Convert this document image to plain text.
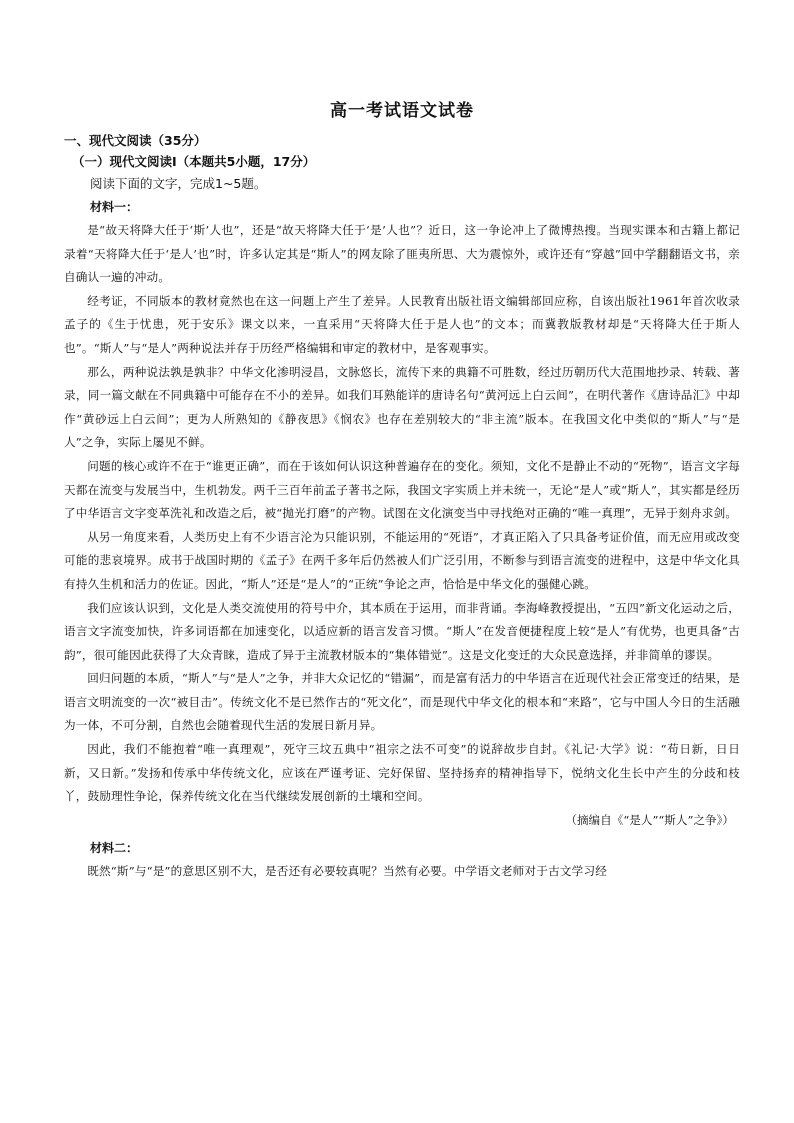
高一考试语文试卷
一、现代文阅读（35分）
（一）现代文阅读Ⅰ（本题共5小题，17分）
阅读下面的文字，完成1~5题。
材料一：

是“故天将降大任于‘斯’人也”，还是“故天将降大任于‘是’人也”？近日，这一争论冲上了微博热搜。当现实课本和古籍上都记录着“天将降大任于‘是人’也”时，许多认定其是“斯人”的网友除了匪夷所思、大为震惊外，或许还有“穿越”回中学翻翻语文书，亲自确认一遍的冲动。

经考证，不同版本的教材竟然也在这一问题上产生了差异。人民教育出版社语文编辑部回应称，自该出版社1961年首次收录孟子的《生于忧患，死于安乐》课文以来，一直采用“天将降大任于是人也”的文本；而冀教版教材却是“天将降大任于斯人也”。“斯人”与“是人”两种说法并存于历经严格编辑和审定的教材中，是客观事实。

那么，两种说法孰是孰非？中华文化渗明浸昌，文脉悠长，流传下来的典籍不可胜数，经过历朝历代大范围地抄录、转载、著录，同一篇文献在不同典籍中可能存在不小的差异。如我们耳熟能详的唐诗名句“黄河远上白云间”，在明代著作《唐诗品汇》中却作“黄砂远上白云间”；更为人所熟知的《静夜思》《悯农》也存在差别较大的“非主流”版本。在我国文化中类似的“斯人”与“是人”之争，实际上屡见不鲜。

问题的核心或许不在于“谁更正确”，而在于该如何认识这种普遍存在的变化。须知，文化不是静止不动的“死物”，语言文字每天都在流变与发展当中，生机勃发。两千三百年前孟子著书之际，我国文字实质上并未统一，无论“是人”或“斯人”，其实都是经历了中华语言文字变革洗礼和改造之后，被“抛光打磨”的产物。试图在文化演变当中寻找绝对正确的“唯一真理”，无异于刻舟求剑。

从另一角度来看，人类历史上有不少语言沦为只能识别，不能运用的“死语”，才真正陷入了只具备考证价值，而无应用或改变可能的悲哀境界。成书于战国时期的《孟子》在两千多年后仍然被人们广泛引用，不断参与到语言流变的进程中，这是中华文化具有持久生机和活力的佐证。因此，“斯人”还是“是人”的“正统”争论之声，恰恰是中华文化的强健心跳。

我们应该认识到，文化是人类交流使用的符号中介，其本质在于运用，而非背诵。李海峰教授提出，“五四”新文化运动之后，语言文字流变加快，许多词语都在加速变化，以适应新的语言发音习惯。“斯人”在发音便捷程度上较“是人”有优势，也更具备“古韵”，很可能因此获得了大众青睐，造成了异于主流教材版本的“集体错觉”。这是文化变迁的大众民意选择，并非简单的谬误。

回归问题的本质，“斯人”与“是人”之争，并非大众记忆的“错漏”，而是富有活力的中华语言在近现代社会正常变迁的结果，是语言文明流变的一次“被目击”。传统文化不是已然作古的“死文化”，而是现代中华文化的根本和“来路”，它与中国人今日的生活融为一体，不可分割，自然也会随着现代生活的发展日新月异。

因此，我们不能抱着“唯一真理观”，死守三坟五典中“祖宗之法不可变”的说辞故步自封。《礼记·大学》说：“苟日新，日日新，又日新。”发扬和传承中华传统文化，应该在严谨考证、完好保留、坚持扬弃的精神指导下，悦纳文化生长中产生的分歧和枝丫，鼓励理性争论，保养传统文化在当代继续发展创新的土壤和空间。

（摘编自《“是人”“斯人”之争》）
材料二：

既然“斯”与“是”的意思区别不大，是否还有必要较真呢？当然有必要。中学语文老师对于古文学习经
